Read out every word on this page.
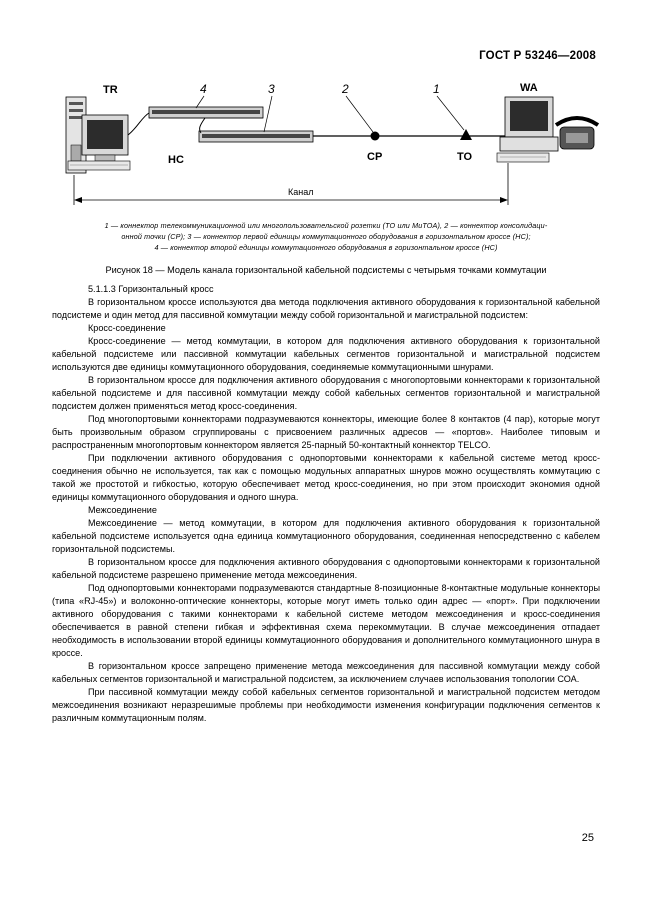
ГОСТ Р 53246—2008
TR
HC	CP	TO
WA
4	3	2	1
Канал
1 — коннектор телекоммуникационной или многопользовательской розетки (ТО или MuTOA), 2 — коннектор консолидаци-
онной точки (СР); 3 — коннектор первой единицы коммутационного оборудования в горизонтальном кроссе (НС);
4 — коннектор второй единицы коммутационного оборудования в горизонтальном кроссе (НС)
Рисунок 18 — Модель канала горизонтальной кабельной подсистемы с четырьмя точками коммутации

5.1.1.3 Горизонтальный кросс

В горизонтальном кроссе используются два метода подключения активного оборудования к горизонтальной кабельной подсистеме и один метод для пассивной коммутации между собой горизонтальной и магистральной подсистем:

Кросс-соединение

Кросс-соединение — метод коммутации, в котором для подключения активного оборудования к горизонтальной кабельной подсистеме или пассивной коммутации кабельных сегментов горизонтальной и магистральной подсистем используются две единицы коммутационного оборудования, соединяемые коммутационными шнурами.

В горизонтальном кроссе для подключения активного оборудования с многопортовыми коннекторами к горизонтальной кабельной подсистеме и для пассивной коммутации между собой кабельных сегментов горизонтальной и магистральной подсистем должен применяться метод кросс-соединения.

Под многопортовыми коннекторами подразумеваются коннекторы, имеющие более 8 контактов (4 пар), которые могут быть произвольным образом сгруппированы с присвоением различных адресов — «портов». Наиболее типовым и распространенным многопортовым коннектором является 25-парный 50-контактный коннектор TELCO.

При подключении активного оборудования с однопортовыми коннекторами к кабельной системе метод кросс-соединения обычно не используется, так как с помощью модульных аппаратных шнуров можно осуществлять коммутацию с такой же простотой и гибкостью, которую обеспечивает метод кросс-соединения, но при этом происходит экономия одной единицы коммутационного оборудования и одного шнура.

Межсоединение

Межсоединение — метод коммутации, в котором для подключения активного оборудования к горизонтальной кабельной подсистеме используется одна единица коммутационного оборудования, соединенная непосредственно с кабелем горизонтальной подсистемы.

В горизонтальном кроссе для подключения активного оборудования с однопортовыми коннекторами к горизонтальной кабельной подсистеме разрешено применение метода межсоединения.

Под однопортовыми коннекторами подразумеваются стандартные 8-позиционные 8-контактные модульные коннекторы (типа «RJ-45») и волоконно-оптические коннекторы, которые могут иметь только один адрес — «порт». При подключении активного оборудования с такими коннекторами к кабельной системе методом межсоединения и кросс-соединения обеспечивается в равной степени гибкая и эффективная схема перекоммутации. В случае межсоединения отпадает необходимость в использовании второй единицы коммутационного оборудования и дополнительного коммутационного шнура в кроссе.

В горизонтальном кроссе запрещено применение метода межсоединения для пассивной коммутации между собой кабельных сегментов горизонтальной и магистральной подсистем, за исключением случаев использования топологии СОА.

При пассивной коммутации между собой кабельных сегментов горизонтальной и магистральной подсистем методом межсоединения возникают неразрешимые проблемы при необходимости изменения конфигурации подключения сегментов к различным коммутационным полям.

25
